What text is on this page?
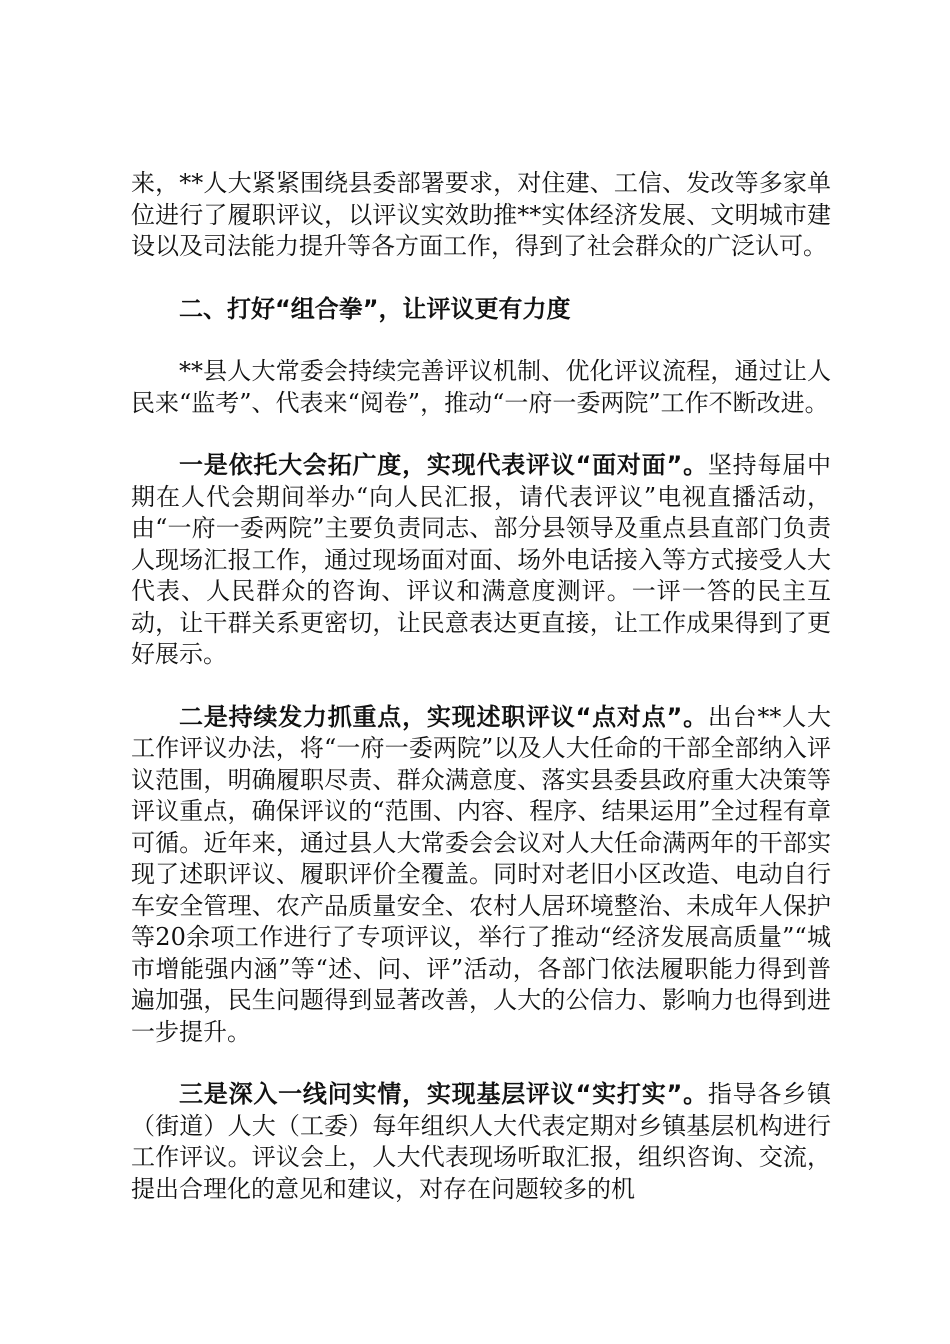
来，**人大紧紧围绕县委部署要求，对住建、工信、发改等多家单位进行了履职评议，以评议实效助推**实体经济发展、文明城市建设以及司法能力提升等各方面工作，得到了社会群众的广泛认可。

二、打好“组合拳”，让评议更有力度

**县人大常委会持续完善评议机制、优化评议流程，通过让人民来“监考”、代表来“阅卷”，推动“一府一委两院”工作不断改进。

一是依托大会拓广度，实现代表评议“面对面”。坚持每届中期在人代会期间举办“向人民汇报，请代表评议”电视直播活动，由“一府一委两院”主要负责同志、部分县领导及重点县直部门负责人现场汇报工作，通过现场面对面、场外电话接入等方式接受人大代表、人民群众的咨询、评议和满意度测评。一评一答的民主互动，让干群关系更密切，让民意表达更直接，让工作成果得到了更好展示。

二是持续发力抓重点，实现述职评议“点对点”。出台**人大工作评议办法，将“一府一委两院”以及人大任命的干部全部纳入评议范围，明确履职尽责、群众满意度、落实县委县政府重大决策等评议重点，确保评议的“范围、内容、程序、结果运用”全过程有章可循。近年来，通过县人大常委会会议对人大任命满两年的干部实现了述职评议、履职评价全覆盖。同时对老旧小区改造、电动自行车安全管理、农产品质量安全、农村人居环境整治、未成年人保护等20余项工作进行了专项评议，举行了推动“经济发展高质量”“城市增能强内涵”等“述、问、评”活动，各部门依法履职能力得到普遍加强，民生问题得到显著改善，人大的公信力、影响力也得到进一步提升。

三是深入一线问实情，实现基层评议“实打实”。指导各乡镇（街道）人大（工委）每年组织人大代表定期对乡镇基层机构进行工作评议。评议会上，人大代表现场听取汇报，组织咨询、交流，提出合理化的意见和建议，对存在问题较多的机
